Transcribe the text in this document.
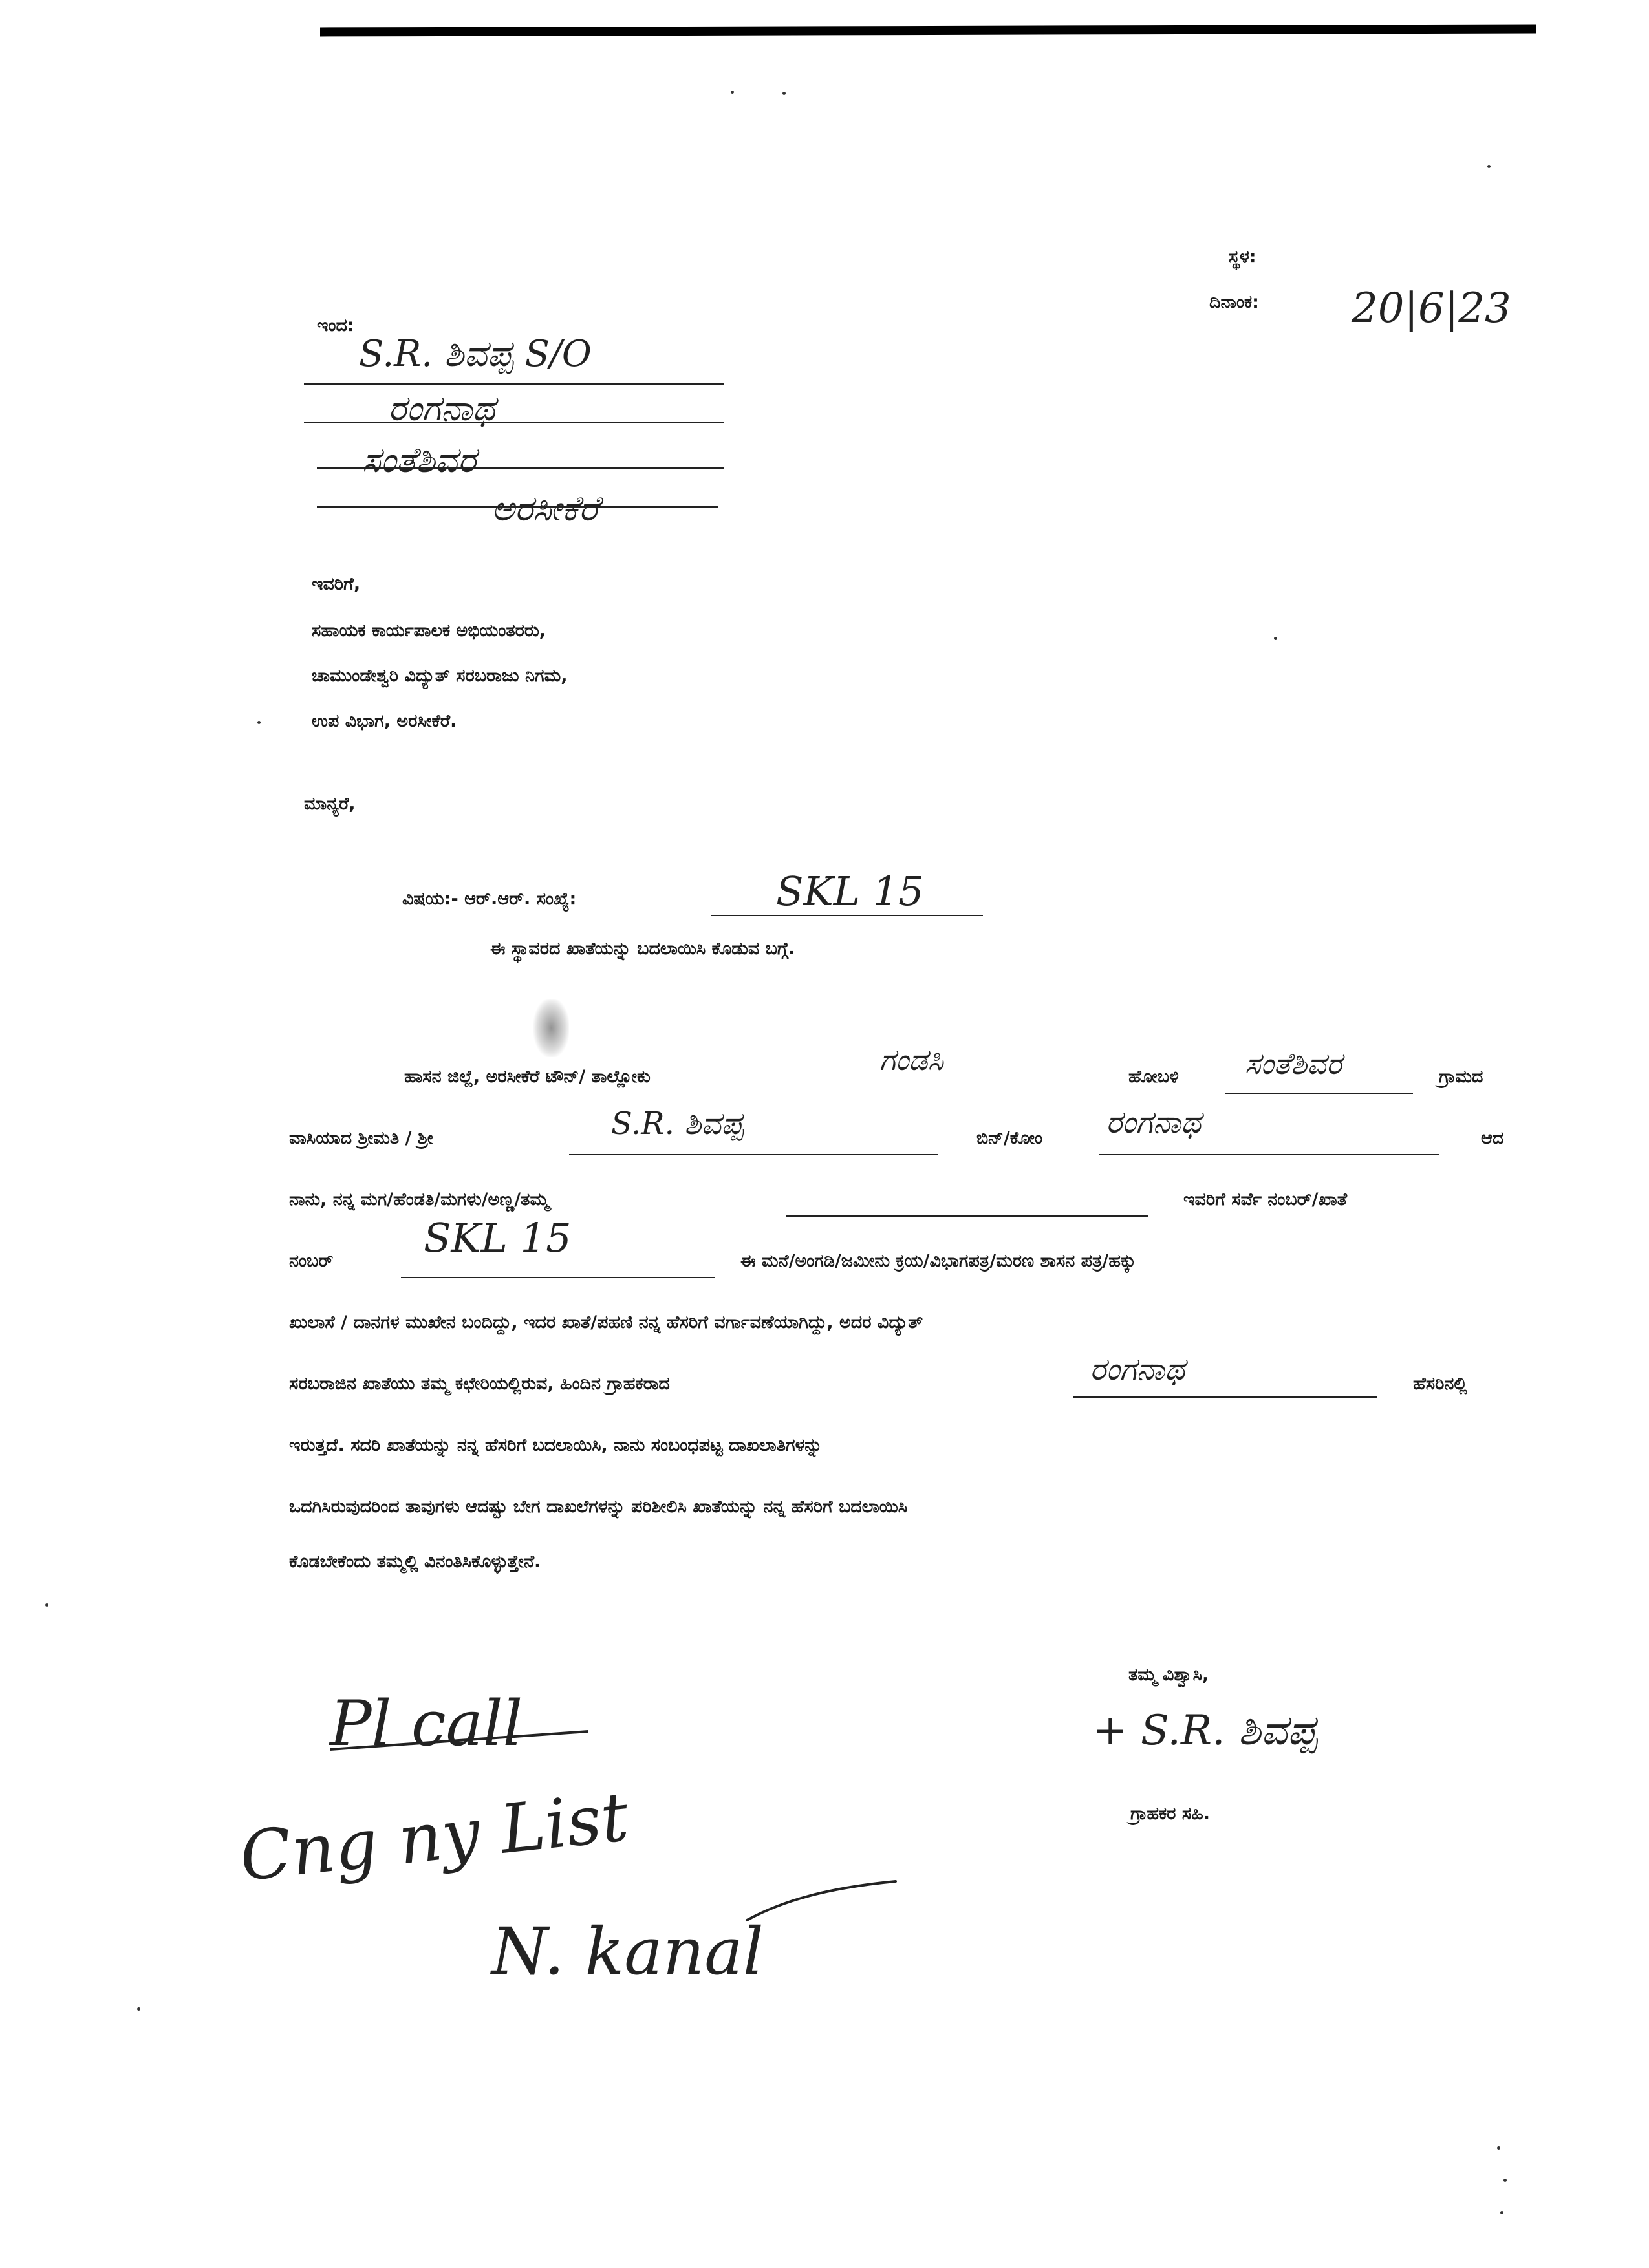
ಸ್ಥಳ:
ದಿನಾಂಕ: 20|6|23
ಇಂದ:
S.R. ಶಿವಪ್ಪ S/O
ರಂಗನಾಥ
ಸಂತೆಶಿವರ
ಅರಸೀಕೆರೆ
ಇವರಿಗೆ,
ಸಹಾಯಕ ಕಾರ್ಯಪಾಲಕ ಅಭಿಯಂತರರು,
ಚಾಮುಂಡೇಶ್ವರಿ ವಿದ್ಯುತ್ ಸರಬರಾಜು ನಿಗಮ,
ಉಪ ವಿಭಾಗ, ಅರಸೀಕೆರೆ.
ಮಾನ್ಯರೆ,
ವಿಷಯ:- ಆರ್.ಆರ್. ಸಂಖ್ಯೆ:	SKL 15
ಈ ಸ್ಥಾವರದ ಖಾತೆಯನ್ನು ಬದಲಾಯಿಸಿ ಕೊಡುವ ಬಗ್ಗೆ.
ಹಾಸನ ಜಿಲ್ಲೆ, ಅರಸೀಕೆರೆ ಟೌನ್/ ತಾಲ್ಲೋಕು	ಗಂಡಸಿ	ಹೋಬಳಿ ಸಂತೆಶಿವರ	ಗ್ರಾಮದ
ವಾಸಿಯಾದ ಶ್ರೀಮತಿ / ಶ್ರೀ	S.R. ಶಿವಪ್ಪ	ಬಿನ್/ಕೋಂ ರಂಗನಾಥ	ಆದ
ನಾನು, ನನ್ನ ಮಗ/ಹೆಂಡತಿ/ಮಗಳು/ಅಣ್ಣ/ತಮ್ಮ	ಇವರಿಗೆ ಸರ್ವೆ ನಂಬರ್/ಖಾತೆ
ನಂಬರ್ SKL 15	ಈ ಮನೆ/ಅಂಗಡಿ/ಜಮೀನು ಕ್ರಯ/ವಿಭಾಗಪತ್ರ/ಮರಣ ಶಾಸನ ಪತ್ರ/ಹಕ್ಕು
ಖುಲಾಸೆ / ದಾನಗಳ ಮುಖೇನ ಬಂದಿದ್ದು, ಇದರ ಖಾತೆ/ಪಹಣಿ ನನ್ನ ಹೆಸರಿಗೆ ವರ್ಗಾವಣೆಯಾಗಿದ್ದು, ಅದರ ವಿದ್ಯುತ್
ಸರಬರಾಜಿನ ಖಾತೆಯು ತಮ್ಮ ಕಛೇರಿಯಲ್ಲಿರುವ, ಹಿಂದಿನ ಗ್ರಾಹಕರಾದ	ರಂಗನಾಥ	ಹೆಸರಿನಲ್ಲಿ
ಇರುತ್ತದೆ. ಸದರಿ ಖಾತೆಯನ್ನು ನನ್ನ ಹೆಸರಿಗೆ ಬದಲಾಯಿಸಿ, ನಾನು ಸಂಬಂಧಪಟ್ಟ ದಾಖಲಾತಿಗಳನ್ನು
ಒದಗಿಸಿರುವುದರಿಂದ ತಾವುಗಳು ಆದಷ್ಟು ಬೇಗ ದಾಖಲೆಗಳನ್ನು ಪರಿಶೀಲಿಸಿ ಖಾತೆಯನ್ನು ನನ್ನ ಹೆಸರಿಗೆ ಬದಲಾಯಿಸಿ
ಕೊಡಬೇಕೆಂದು ತಮ್ಮಲ್ಲಿ ವಿನಂತಿಸಿಕೊಳ್ಳುತ್ತೇನೆ.
ತಮ್ಮ ವಿಶ್ವಾಸಿ,
+ S.R. ಶಿವಪ್ಪ
ಗ್ರಾಹಕರ ಸಹಿ.
Pl call
Cng ny List
N. kanal
